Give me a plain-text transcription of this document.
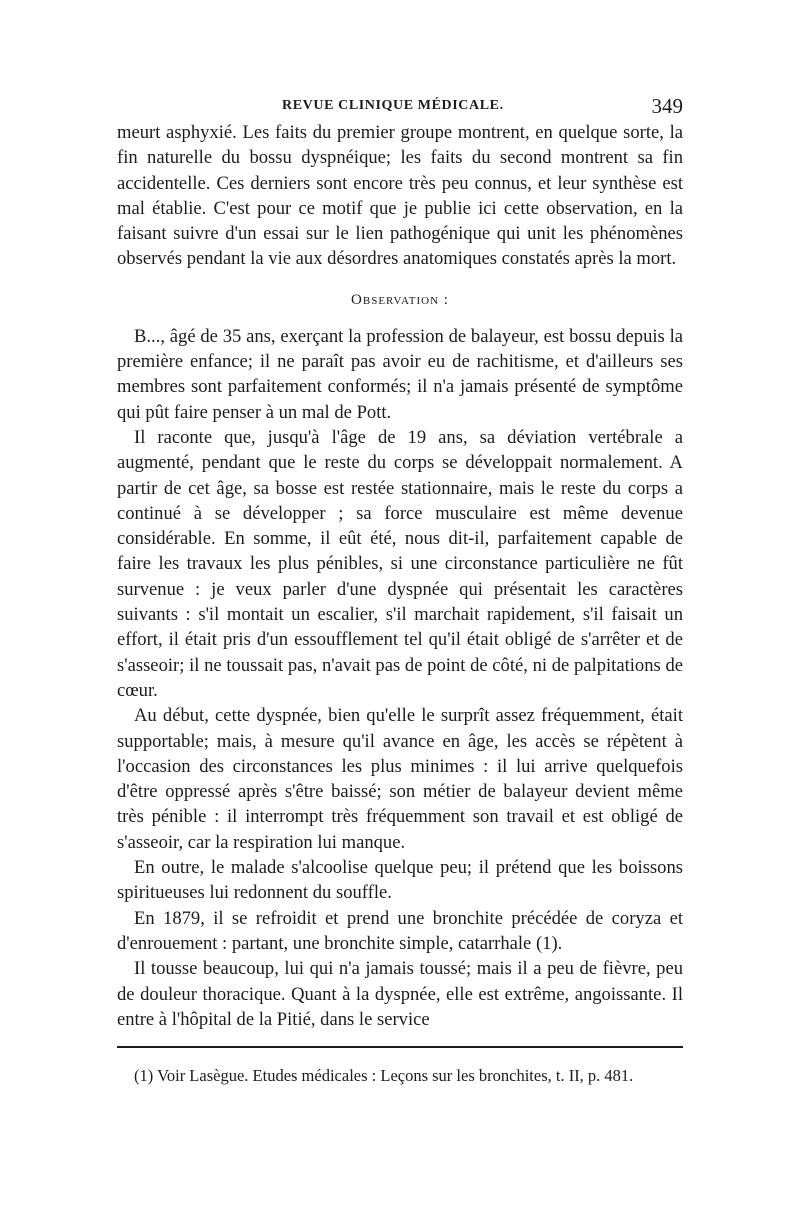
REVUE CLINIQUE MÉDICALE.	349

meurt asphyxié. Les faits du premier groupe montrent, en quelque sorte, la fin naturelle du bossu dyspnéique; les faits du second montrent sa fin accidentelle. Ces derniers sont encore très peu connus, et leur synthèse est mal établie. C'est pour ce motif que je publie ici cette observation, en la faisant suivre d'un essai sur le lien pathogénique qui unit les phénomènes observés pendant la vie aux désordres anatomiques constatés après la mort.

Observation :

B..., âgé de 35 ans, exerçant la profession de balayeur, est bossu depuis la première enfance; il ne paraît pas avoir eu de rachitisme, et d'ailleurs ses membres sont parfaitement conformés; il n'a jamais présenté de symptôme qui pût faire penser à un mal de Pott.

Il raconte que, jusqu'à l'âge de 19 ans, sa déviation vertébrale a augmenté, pendant que le reste du corps se développait normalement. A partir de cet âge, sa bosse est restée stationnaire, mais le reste du corps a continué à se développer ; sa force musculaire est même devenue considérable. En somme, il eût été, nous dit-il, parfaitement capable de faire les travaux les plus pénibles, si une circonstance particulière ne fût survenue : je veux parler d'une dyspnée qui présentait les caractères suivants : s'il montait un escalier, s'il marchait rapidement, s'il faisait un effort, il était pris d'un essoufflement tel qu'il était obligé de s'arrêter et de s'asseoir; il ne toussait pas, n'avait pas de point de côté, ni de palpitations de cœur.

Au début, cette dyspnée, bien qu'elle le surprît assez fréquemment, était supportable; mais, à mesure qu'il avance en âge, les accès se répètent à l'occasion des circonstances les plus minimes : il lui arrive quelquefois d'être oppressé après s'être baissé; son métier de balayeur devient même très pénible : il interrompt très fréquemment son travail et est obligé de s'asseoir, car la respiration lui manque.

En outre, le malade s'alcoolise quelque peu; il prétend que les boissons spiritueuses lui redonnent du souffle.

En 1879, il se refroidit et prend une bronchite précédée de coryza et d'enrouement : partant, une bronchite simple, catarrhale (1).

Il tousse beaucoup, lui qui n'a jamais toussé; mais il a peu de fièvre, peu de douleur thoracique. Quant à la dyspnée, elle est extrême, angoissante. Il entre à l'hôpital de la Pitié, dans le service

(1) Voir Lasègue. Etudes médicales : Leçons sur les bronchites, t. II, p. 481.
